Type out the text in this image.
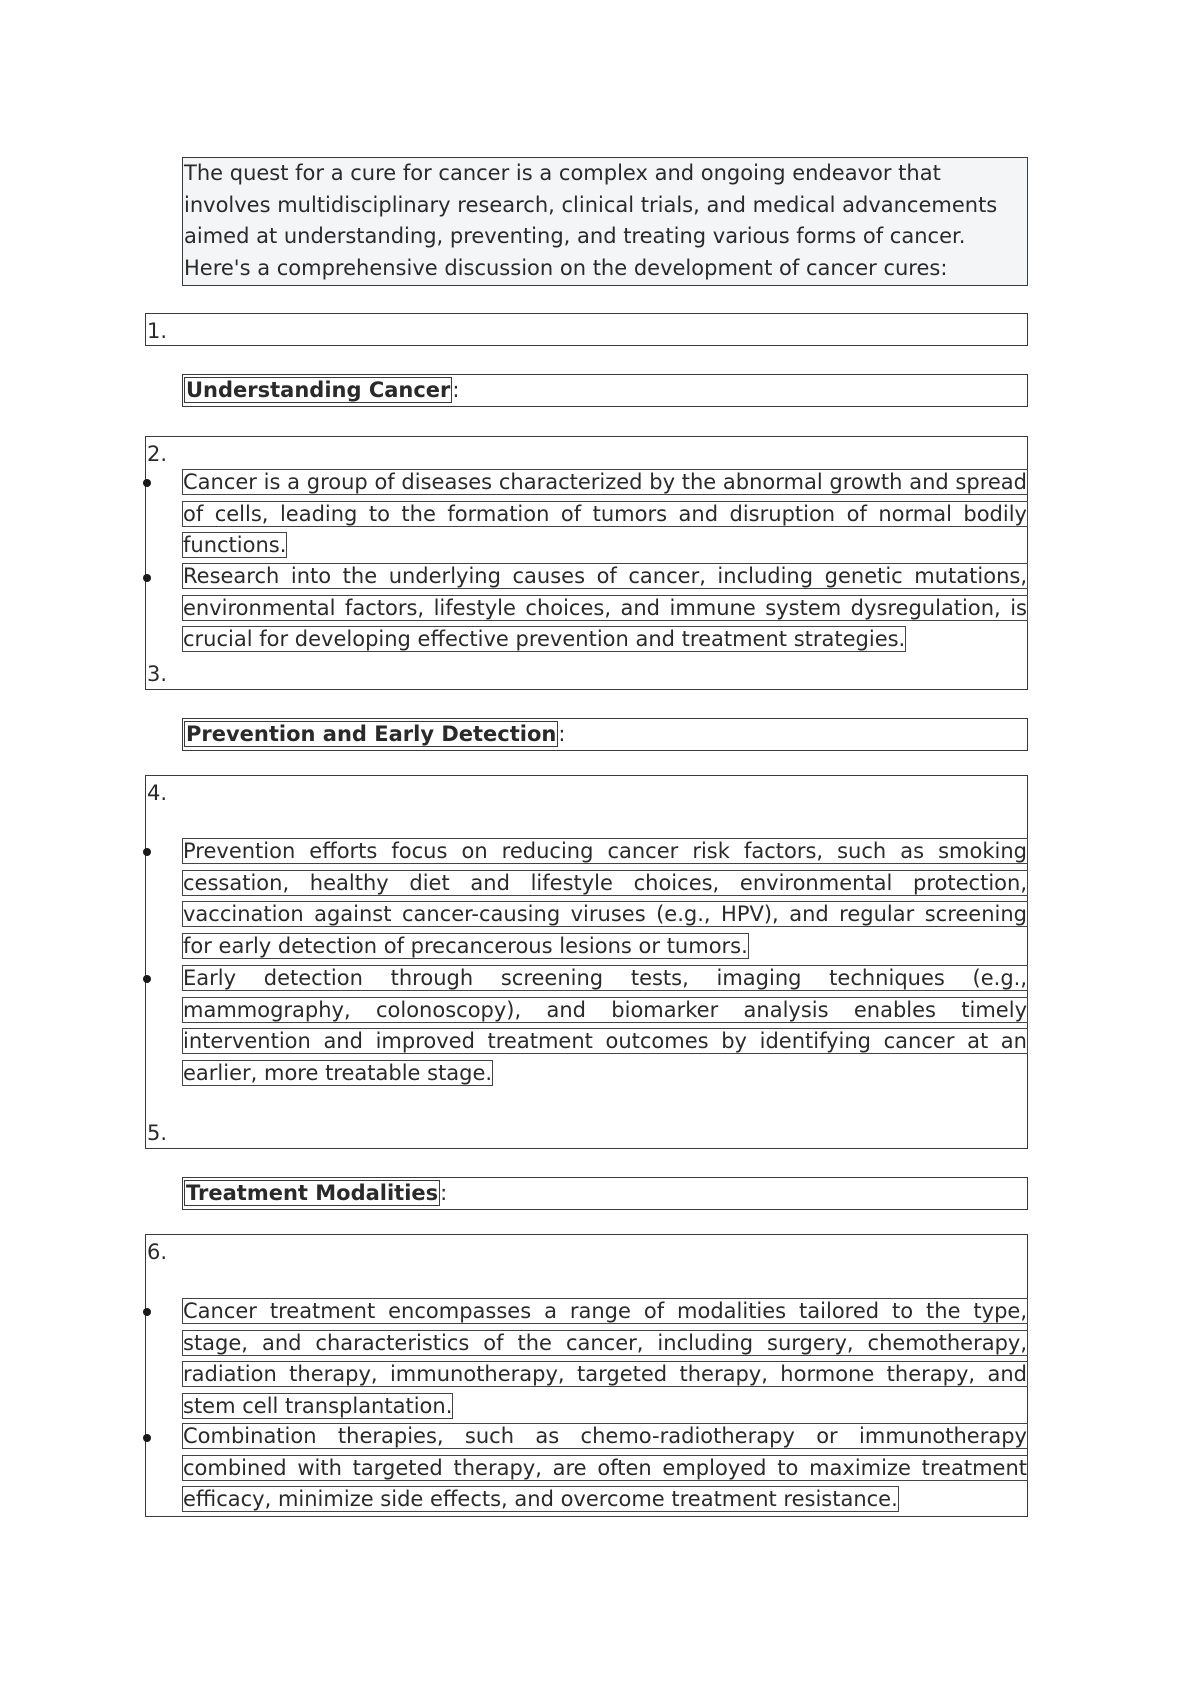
The quest for a cure for cancer is a complex and ongoing endeavor that involves multidisciplinary research, clinical trials, and medical advancements aimed at understanding, preventing, and treating various forms of cancer. Here's a comprehensive discussion on the development of cancer cures:
1.
Understanding Cancer:
2.
Cancer is a group of diseases characterized by the abnormal growth and spread of cells, leading to the formation of tumors and disruption of normal bodily functions.
Research into the underlying causes of cancer, including genetic mutations, environmental factors, lifestyle choices, and immune system dysregulation, is crucial for developing effective prevention and treatment strategies.
3.
Prevention and Early Detection:
4.
Prevention efforts focus on reducing cancer risk factors, such as smoking cessation, healthy diet and lifestyle choices, environmental protection, vaccination against cancer-causing viruses (e.g., HPV), and regular screening for early detection of precancerous lesions or tumors.
Early detection through screening tests, imaging techniques (e.g., mammography, colonoscopy), and biomarker analysis enables timely intervention and improved treatment outcomes by identifying cancer at an earlier, more treatable stage.
5.
Treatment Modalities:
6.
Cancer treatment encompasses a range of modalities tailored to the type, stage, and characteristics of the cancer, including surgery, chemotherapy, radiation therapy, immunotherapy, targeted therapy, hormone therapy, and stem cell transplantation.
Combination therapies, such as chemo-radiotherapy or immunotherapy combined with targeted therapy, are often employed to maximize treatment efficacy, minimize side effects, and overcome treatment resistance.
